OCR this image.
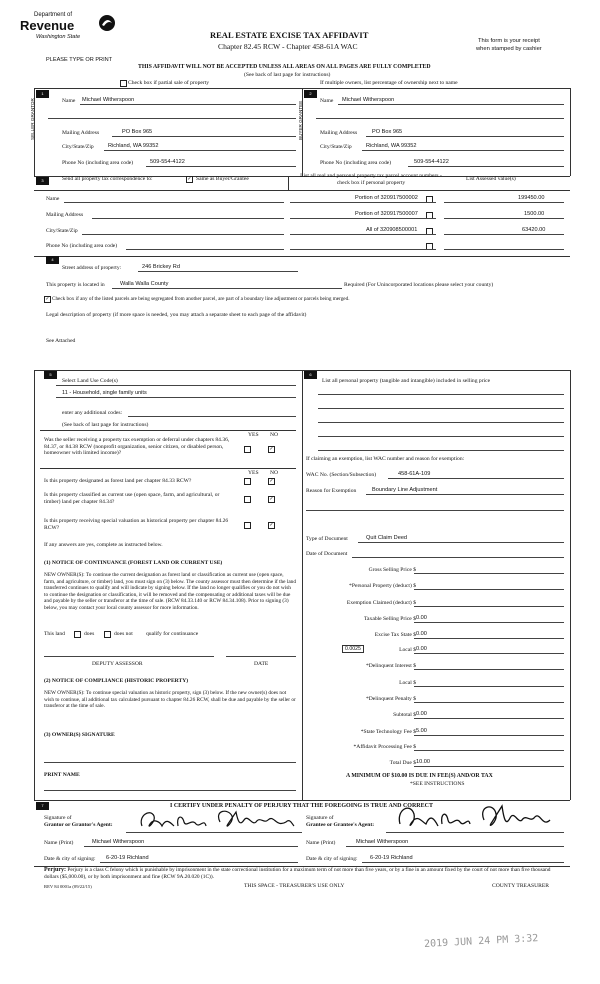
Department of
Revenue
Washington State	REAL ESTATE EXCISE TAX AFFIDAVIT
Chapter 82.45 RCW - Chapter 458-61A WAC
This form is your receipt
when stamped by cashier
PLEASE TYPE OR PRINT
THIS AFFIDAVIT WILL NOT BE ACCEPTED UNLESS ALL AREAS ON ALL PAGES ARE FULLY COMPLETED
(See back of last page for instructions)
Check box if partial sale of property	If multiple owners, list percentage of ownership next to name
1
SELLER GRANTOR	Name Michael Witherspoon
Mailing Address	PO Box 965
City/State/Zip	Richland, WA 99352
Phone No (including area code)	509-554-4122
2
BUYER GRANTEE	Name Michael Witherspoon
Mailing Address	PO Box 965
City/State/Zip	Richland, WA 99352
Phone No (including area code)	509-554-4122
3	Send all property tax correspondence to:	✓ Same as Buyer/Grantee	List all real and personal property tax parcel account numbers - check box if personal property
List Assessed value(s)
Name
Mailing Address
City/State/Zip
Phone No (including area code)
Portion of 320917500002	199450.00
Portion of 320917500007	1500.00
All of 320908500001	63420.00
4
Street address of property:	246 Brickey Rd
This property is located in	Walla Walla County	Required (For Unincorporated locations please select your county)
✓ Check box if any of the listed parcels are being segregated from another parcel, are part of a boundary line adjustment or parcels being merged.
Legal description of property (if more space is needed, you may attach a separate sheet to each page of the affidavit)
See Attached
5
Select Land Use Code(s)
11 - Household, single family units
enter any additional codes:
(See back of last page for instructions)
YES NO
Was the seller receiving a property tax exemption or deferral under chapters 84.36, 84.37, or 84.38 RCW (nonprofit organization, senior citizen, or disabled person, homeowner with limited income)?
✓
YES NO
Is this property designated as forest land per chapter 84.33 RCW?	✓
Is this property classified as current use (open space, farm, and agricultural, or timber) land per chapter 84.34?	✓
Is this property receiving special valuation as historical property per chapter 84.26 RCW?	✓
If any answers are yes, complete as instructed below.
(1) NOTICE OF CONTINUANCE (FOREST LAND OR CURRENT USE)
NEW OWNER(S): To continue the current designation as forest land or classification as current use (open space, farm, and agriculture, or timber) land, you must sign on (3) below. The county assessor must then determine if the land transferred continues to qualify and will indicate by signing below. If the land no longer qualifies or you do not wish to continue the designation or classification, it will be removed and the compensating or additional taxes will be due and payable by the seller or transferor at the time of sale. (RCW 84.33.140 or RCW 84.34.108). Prior to signing (3) below, you may contact your local county assessor for more information.
This land	does	does not qualify for continuance
DEPUTY ASSESSOR	DATE
(2) NOTICE OF COMPLIANCE (HISTORIC PROPERTY)
NEW OWNER(S): To continue special valuation as historic property, sign (3) below. If the new owner(s) does not wish to continue, all additional tax calculated pursuant to chapter 84.26 RCW, shall be due and payable by the seller or transferor at the time of sale.
(3) OWNER(S) SIGNATURE
PRINT NAME
6
List all personal property (tangible and intangible) included in selling price
If claiming an exemption, list WAC number and reason for exemption:
WAC No. (Section/Subsection)	458-61A-109
Reason for Exemption	Boundary Line Adjustment
Type of Document	Quit Claim Deed
Date of Document
Gross Selling Price $
*Personal Property (deduct) $
Exemption Claimed (deduct) $
Taxable Selling Price $ 0.00
Excise Tax State $ 0.00
0.0025	Local $ 0.00
*Delinquent Interest $
Local $
*Delinquent Penalty $
Subtotal $ 0.00
*State Technology Fee $ 5.00
*Affidavit Processing Fee $
Total Due $ 10.00
A MINIMUM OF $10.00 IS DUE IN FEE(S) AND/OR TAX
*SEE INSTRUCTIONS
7	I CERTIFY UNDER PENALTY OF PERJURY THAT THE FOREGOING IS TRUE AND CORRECT
Signature of
Grantor or Grantor's Agent:
Signature of
Grantee or Grantee's Agent:
Name (Print)	Michael Witherspoon	Name (Print)	Michael Witherspoon
Date & city of signing: 6-20-19 Richland	Date & city of signing: 6-20-19 Richland
Perjury: Perjury is a class C felony which is punishable by imprisonment in the state correctional institution for a maximum term of not more than five years, or by a fine in an amount fixed by the court of not more than five thousand dollars ($5,000.00), or by both imprisonment and fine (RCW 9A.20.020 (1C)).
REV 84 0001a (09/22/15)	THIS SPACE - TREASURER'S USE ONLY	COUNTY TREASURER
2019 JUN 24 PM 3:32
